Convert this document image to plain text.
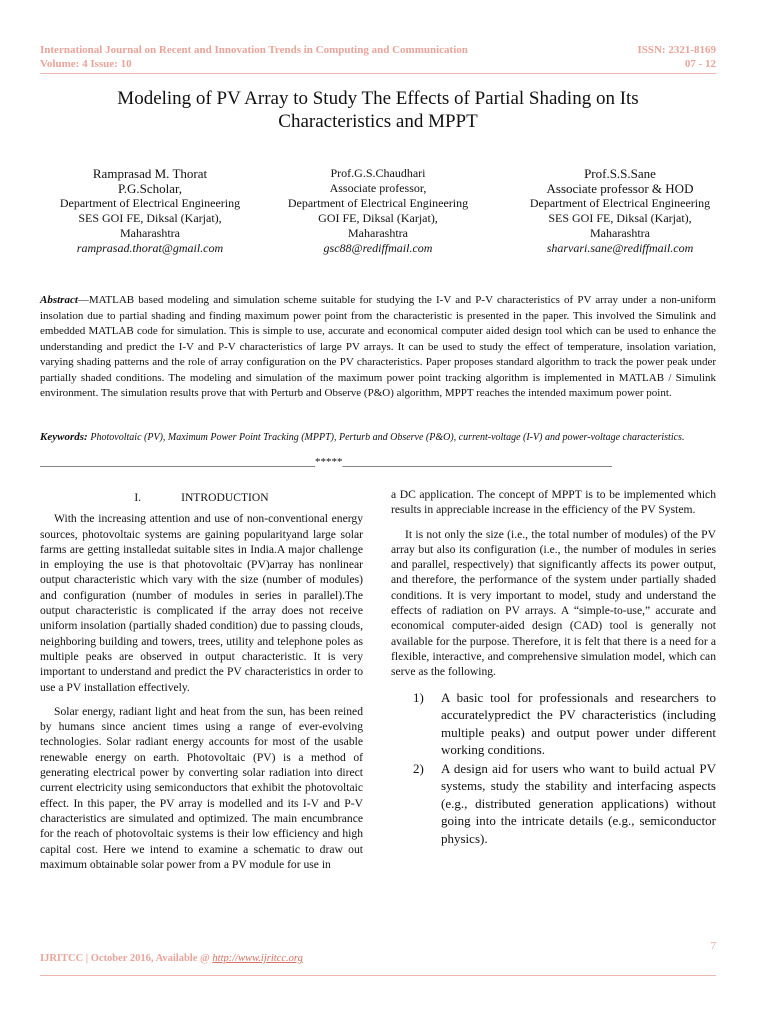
International Journal on Recent and Innovation Trends in Computing and Communication
Volume: 4 Issue: 10
ISSN: 2321-8169
07 - 12
Modeling of PV Array to Study The Effects of Partial Shading on Its
Characteristics and MPPT
Ramprasad M. Thorat
P.G.Scholar,
Department of Electrical Engineering
SES GOI FE, Diksal (Karjat),
Maharashtra
ramprasad.thorat@gmail.com
Prof.G.S.Chaudhari
Associate professor,
Department of Electrical Engineering
GOI FE, Diksal (Karjat),
Maharashtra
gsc88@rediffmail.com
Prof.S.S.Sane
Associate professor & HOD
Department of Electrical Engineering
SES GOI FE, Diksal (Karjat),
Maharashtra
sharvari.sane@rediffmail.com
Abstract—MATLAB based modeling and simulation scheme suitable for studying the I-V and P-V characteristics of PV array under a non-uniform insolation due to partial shading and finding maximum power point from the characteristic is presented in the paper. This involved the Simulink and embedded MATLAB code for simulation. This is simple to use, accurate and economical computer aided design tool which can be used to enhance the understanding and predict the I-V and P-V characteristics of large PV arrays. It can be used to study the effect of temperature, insolation variation, varying shading patterns and the role of array configuration on the PV characteristics. Paper proposes standard algorithm to track the power peak under partially shaded conditions. The modeling and simulation of the maximum power point tracking algorithm is implemented in MATLAB / Simulink environment. The simulation results prove that with Perturb and Observe (P&O) algorithm, MPPT reaches the intended maximum power point.
Keywords: Photovoltaic (PV), Maximum Power Point Tracking (MPPT), Perturb and Observe (P&O), current-voltage (I-V) and power-voltage characteristics.
__________________________________________________*****_________________________________________________
I.	INTRODUCTION

With the increasing attention and use of non-conventional energy sources, photovoltaic systems are gaining popularityand large solar farms are getting installedat suitable sites in India.A major challenge in employing the use is that photovoltaic (PV)array has nonlinear output characteristic which vary with the size (number of modules) and configuration (number of modules in series in parallel).The output characteristic is complicated if the array does not receive uniform insolation (partially shaded condition) due to passing clouds, neighboring building and towers, trees, utility and telephone poles as multiple peaks are observed in output characteristic. It is very important to understand and predict the PV characteristics in order to use a PV installation effectively.

Solar energy, radiant light and heat from the sun, has been reined by humans since ancient times using a range of ever-evolving technologies. Solar radiant energy accounts for most of the usable renewable energy on earth. Photovoltaic (PV) is a method of generating electrical power by converting solar radiation into direct current electricity using semiconductors that exhibit the photovoltaic effect. In this paper, the PV array is modelled and its I-V and P-V characteristics are simulated and optimized. The main encumbrance for the reach of photovoltaic systems is their low efficiency and high capital cost. Here we intend to examine a schematic to draw out maximum obtainable solar power from a PV module for use in

a DC application. The concept of MPPT is to be implemented which results in appreciable increase in the efficiency of the PV System.

It is not only the size (i.e., the total number of modules) of the PV array but also its configuration (i.e., the number of modules in series and parallel, respectively) that significantly affects its power output, and therefore, the performance of the system under partially shaded conditions. It is very important to model, study and understand the effects of radiation on PV arrays. A “simple-to-use,” accurate and economical computer-aided design (CAD) tool is generally not available for the purpose. Therefore, it is felt that there is a need for a flexible, interactive, and comprehensive simulation model, which can serve as the following.

1)	A basic tool for professionals and researchers to accuratelypredict the PV characteristics (including multiple peaks) and output power under different working conditions.
2)	A design aid for users who want to build actual PV systems, study the stability and interfacing aspects (e.g., distributed generation applications) without going into the intricate details (e.g., semiconductor physics).
7
IJRITCC | October 2016, Available @ http://www.ijritcc.org
